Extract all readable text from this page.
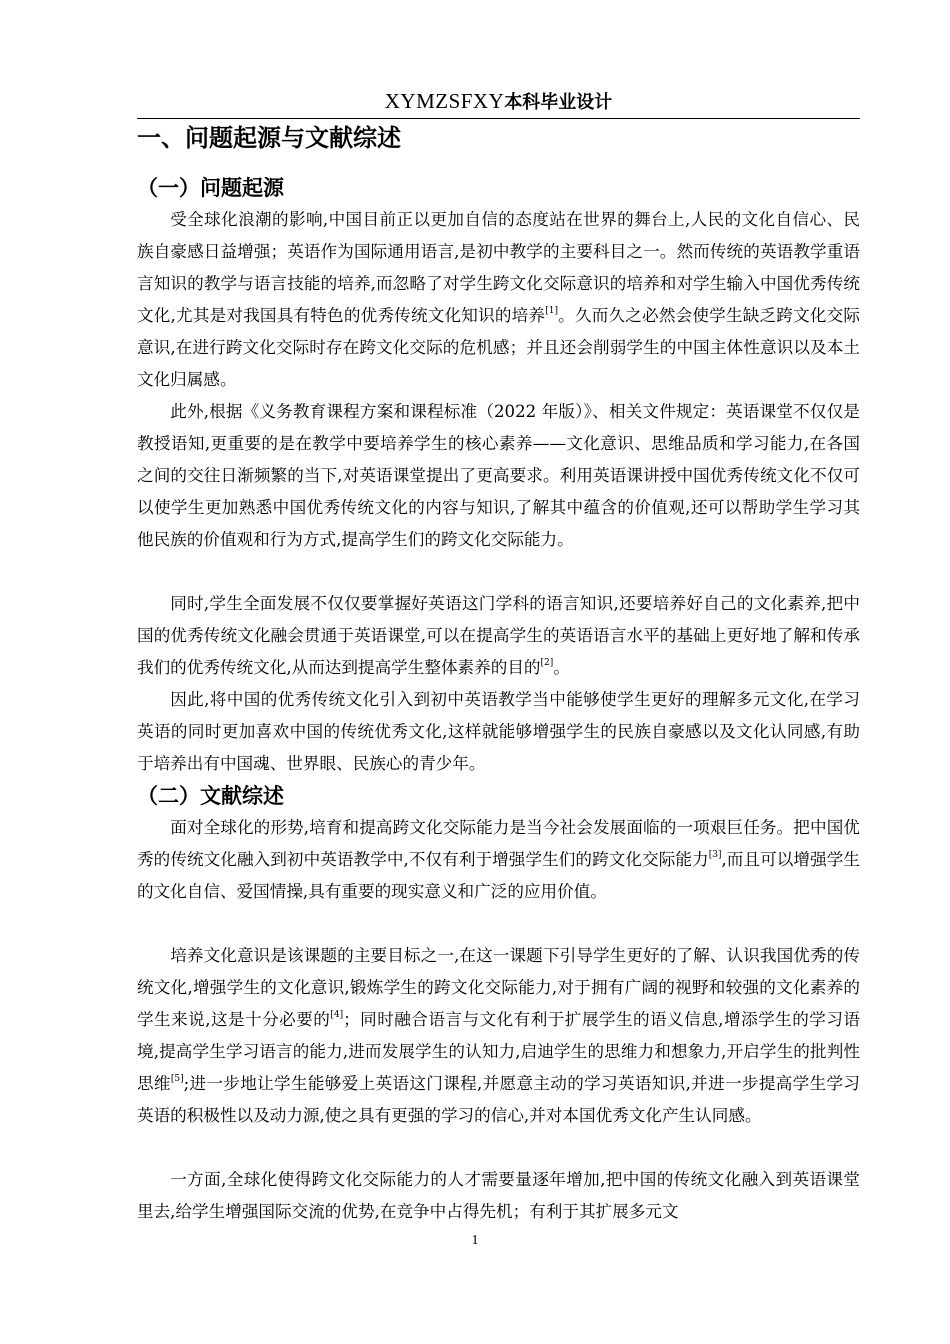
XYMZSFXY本科毕业设计
一、问题起源与文献综述
（一）问题起源

受全球化浪潮的影响,中国目前正以更加自信的态度站在世界的舞台上,人民的文化自信心、民族自豪感日益增强；英语作为国际通用语言,是初中教学的主要科目之一。然而传统的英语教学重语言知识的教学与语言技能的培养,而忽略了对学生跨文化交际意识的培养和对学生输入中国优秀传统文化,尤其是对我国具有特色的优秀传统文化知识的培养[1]。久而久之必然会使学生缺乏跨文化交际意识,在进行跨文化交际时存在跨文化交际的危机感；并且还会削弱学生的中国主体性意识以及本土文化归属感。

此外,根据《义务教育课程方案和课程标准（2022 年版）》、相关文件规定：英语课堂不仅仅是教授语知,更重要的是在教学中要培养学生的核心素养——文化意识、思维品质和学习能力,在各国之间的交往日渐频繁的当下,对英语课堂提出了更高要求。利用英语课讲授中国优秀传统文化不仅可以使学生更加熟悉中国优秀传统文化的内容与知识,了解其中蕴含的价值观,还可以帮助学生学习其他民族的价值观和行为方式,提高学生们的跨文化交际能力。

同时,学生全面发展不仅仅要掌握好英语这门学科的语言知识,还要培养好自己的文化素养,把中国的优秀传统文化融会贯通于英语课堂,可以在提高学生的英语语言水平的基础上更好地了解和传承我们的优秀传统文化,从而达到提高学生整体素养的目的[2]。

因此,将中国的优秀传统文化引入到初中英语教学当中能够使学生更好的理解多元文化,在学习英语的同时更加喜欢中国的传统优秀文化,这样就能够增强学生的民族自豪感以及文化认同感,有助于培养出有中国魂、世界眼、民族心的青少年。

（二）文献综述

面对全球化的形势,培育和提高跨文化交际能力是当今社会发展面临的一项艰巨任务。把中国优秀的传统文化融入到初中英语教学中,不仅有利于增强学生们的跨文化交际能力[3],而且可以增强学生的文化自信、爱国情操,具有重要的现实意义和广泛的应用价值。

培养文化意识是该课题的主要目标之一,在这一课题下引导学生更好的了解、认识我国优秀的传统文化,增强学生的文化意识,锻炼学生的跨文化交际能力,对于拥有广阔的视野和较强的文化素养的学生来说,这是十分必要的[4]；同时融合语言与文化有利于扩展学生的语义信息,增添学生的学习语境,提高学生学习语言的能力,进而发展学生的认知力,启迪学生的思维力和想象力,开启学生的批判性思维[5];进一步地让学生能够爱上英语这门课程,并愿意主动的学习英语知识,并进一步提高学生学习英语的积极性以及动力源,使之具有更强的学习的信心,并对本国优秀文化产生认同感。

一方面,全球化使得跨文化交际能力的人才需要量逐年增加,把中国的传统文化融入到英语课堂里去,给学生增强国际交流的优势,在竞争中占得先机；有利于其扩展多元文

1
